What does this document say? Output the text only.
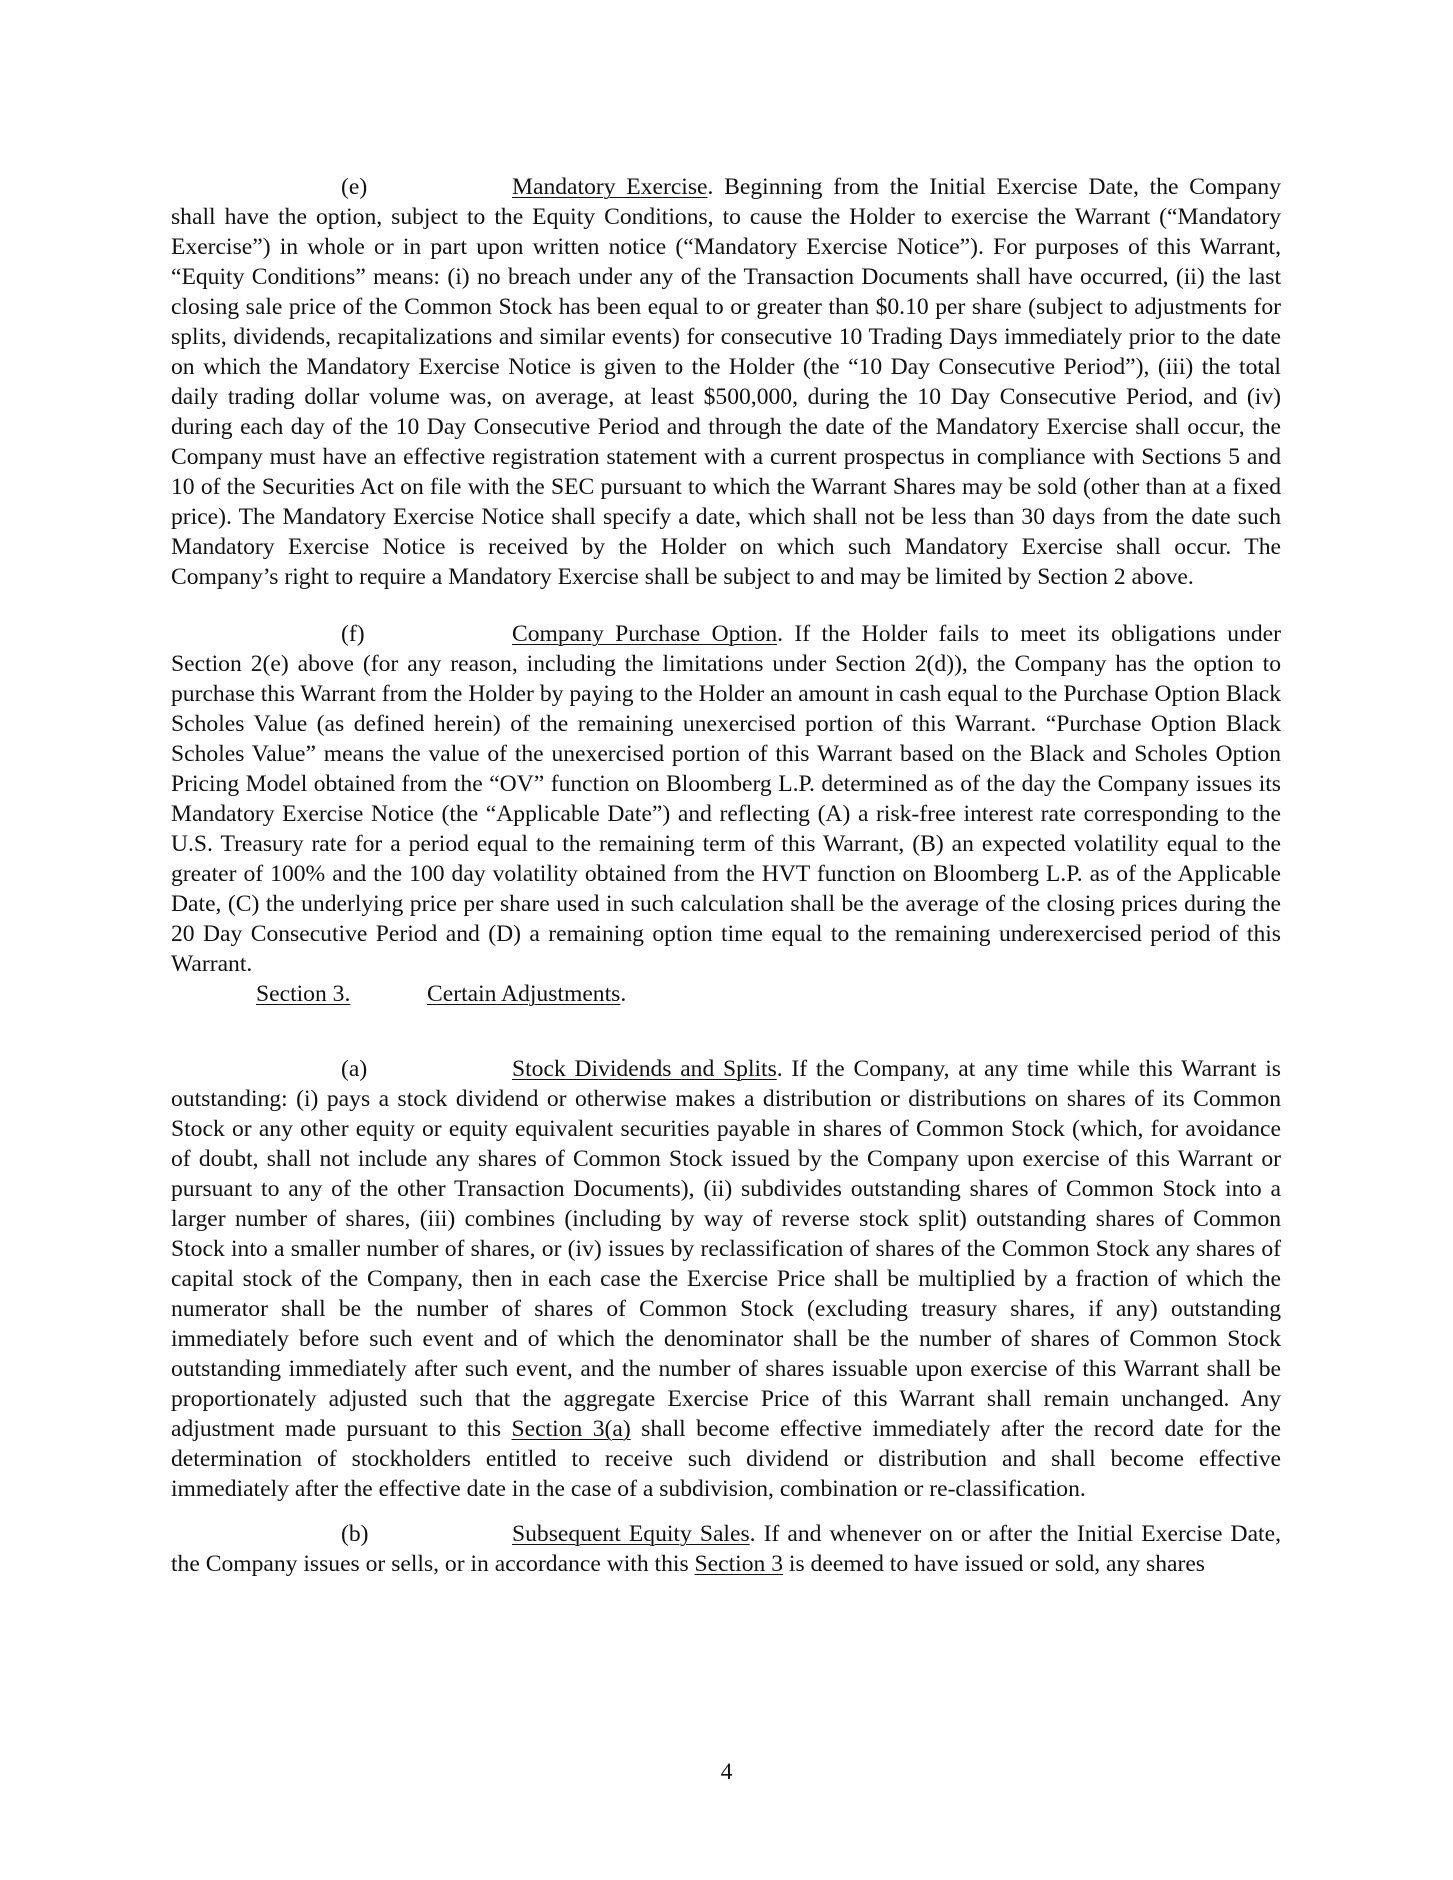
(e)	Mandatory Exercise. Beginning from the Initial Exercise Date, the Company shall have the option, subject to the Equity Conditions, to cause the Holder to exercise the Warrant (“Mandatory Exercise”) in whole or in part upon written notice (“Mandatory Exercise Notice”). For purposes of this Warrant, “Equity Conditions” means: (i) no breach under any of the Transaction Documents shall have occurred, (ii) the last closing sale price of the Common Stock has been equal to or greater than $0.10 per share (subject to adjustments for splits, dividends, recapitalizations and similar events) for consecutive 10 Trading Days immediately prior to the date on which the Mandatory Exercise Notice is given to the Holder (the “10 Day Consecutive Period”), (iii) the total daily trading dollar volume was, on average, at least $500,000, during the 10 Day Consecutive Period, and (iv) during each day of the 10 Day Consecutive Period and through the date of the Mandatory Exercise shall occur, the Company must have an effective registration statement with a current prospectus in compliance with Sections 5 and 10 of the Securities Act on file with the SEC pursuant to which the Warrant Shares may be sold (other than at a fixed price). The Mandatory Exercise Notice shall specify a date, which shall not be less than 30 days from the date such Mandatory Exercise Notice is received by the Holder on which such Mandatory Exercise shall occur. The Company’s right to require a Mandatory Exercise shall be subject to and may be limited by Section 2 above.

(f)	Company Purchase Option. If the Holder fails to meet its obligations under Section 2(e) above (for any reason, including the limitations under Section 2(d)), the Company has the option to purchase this Warrant from the Holder by paying to the Holder an amount in cash equal to the Purchase Option Black Scholes Value (as defined herein) of the remaining unexercised portion of this Warrant. “Purchase Option Black Scholes Value” means the value of the unexercised portion of this Warrant based on the Black and Scholes Option Pricing Model obtained from the “OV” function on Bloomberg L.P. determined as of the day the Company issues its Mandatory Exercise Notice (the “Applicable Date”) and reflecting (A) a risk-free interest rate corresponding to the U.S. Treasury rate for a period equal to the remaining term of this Warrant, (B) an expected volatility equal to the greater of 100% and the 100 day volatility obtained from the HVT function on Bloomberg L.P. as of the Applicable Date, (C) the underlying price per share used in such calculation shall be the average of the closing prices during the 20 Day Consecutive Period and (D) a remaining option time equal to the remaining underexercised period of this Warrant.

Section 3.	Certain Adjustments.

(a)	Stock Dividends and Splits. If the Company, at any time while this Warrant is outstanding: (i) pays a stock dividend or otherwise makes a distribution or distributions on shares of its Common Stock or any other equity or equity equivalent securities payable in shares of Common Stock (which, for avoidance of doubt, shall not include any shares of Common Stock issued by the Company upon exercise of this Warrant or pursuant to any of the other Transaction Documents), (ii) subdivides outstanding shares of Common Stock into a larger number of shares, (iii) combines (including by way of reverse stock split) outstanding shares of Common Stock into a smaller number of shares, or (iv) issues by reclassification of shares of the Common Stock any shares of capital stock of the Company, then in each case the Exercise Price shall be multiplied by a fraction of which the numerator shall be the number of shares of Common Stock (excluding treasury shares, if any) outstanding immediately before such event and of which the denominator shall be the number of shares of Common Stock outstanding immediately after such event, and the number of shares issuable upon exercise of this Warrant shall be proportionately adjusted such that the aggregate Exercise Price of this Warrant shall remain unchanged. Any adjustment made pursuant to this Section 3(a) shall become effective immediately after the record date for the determination of stockholders entitled to receive such dividend or distribution and shall become effective immediately after the effective date in the case of a subdivision, combination or re-classification.

(b)	Subsequent Equity Sales. If and whenever on or after the Initial Exercise Date, the Company issues or sells, or in accordance with this Section 3 is deemed to have issued or sold, any shares

4
